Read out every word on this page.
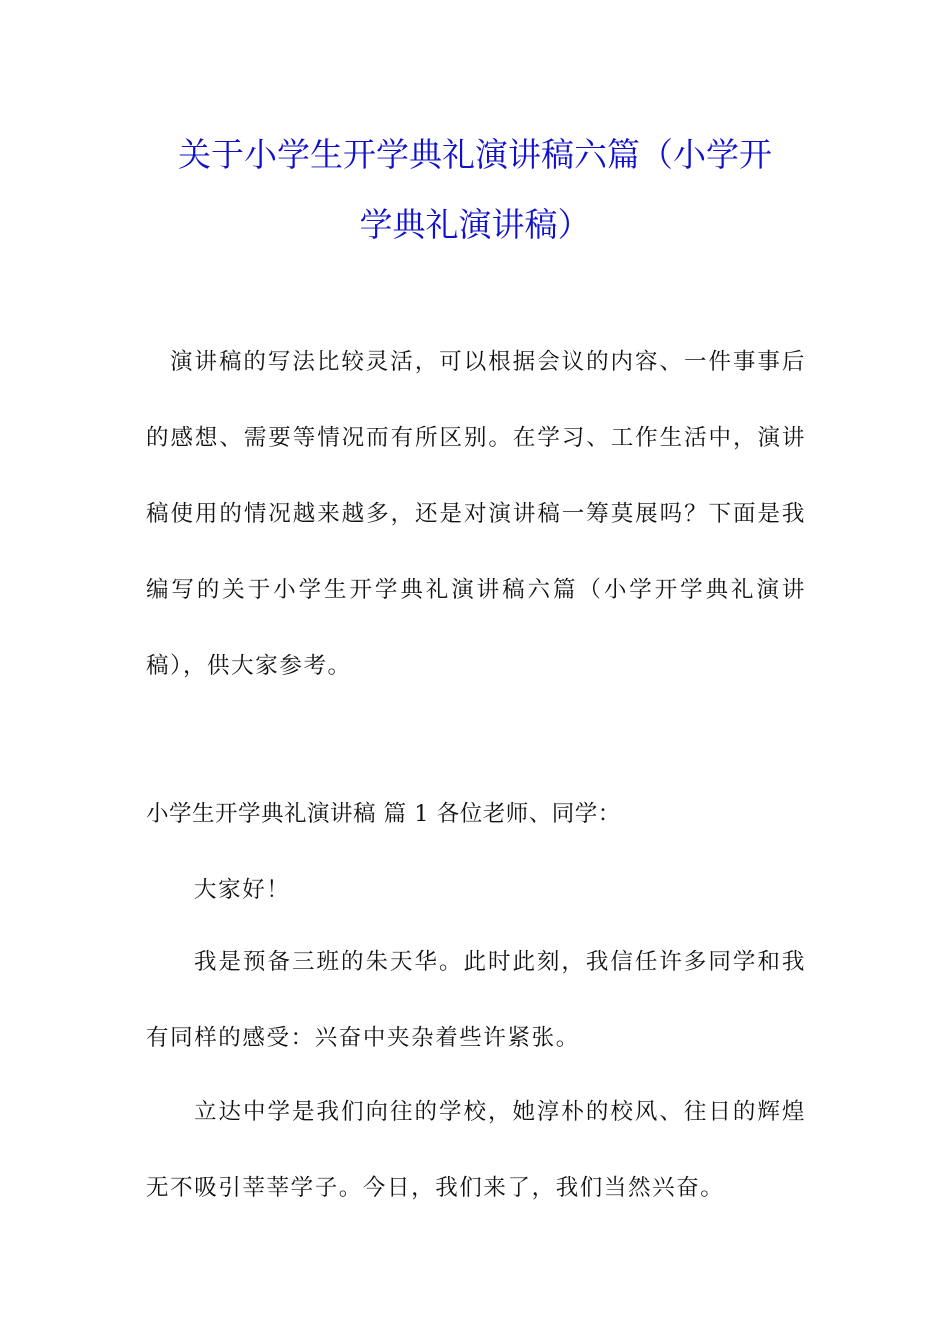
关于小学生开学典礼演讲稿六篇（小学开
学典礼演讲稿）

演讲稿的写法比较灵活，可以根据会议的内容、一件事事后

的感想、需要等情况而有所区别。在学习、工作生活中，演讲

稿使用的情况越来越多，还是对演讲稿一筹莫展吗？下面是我

编写的关于小学生开学典礼演讲稿六篇（小学开学典礼演讲

稿），供大家参考。

小学生开学典礼演讲稿 篇 1 各位老师、同学：

大家好！

我是预备三班的朱天华。此时此刻，我信任许多同学和我

有同样的感受：兴奋中夹杂着些许紧张。

立达中学是我们向往的学校，她淳朴的校风、往日的辉煌

无不吸引莘莘学子。今日，我们来了，我们当然兴奋。
